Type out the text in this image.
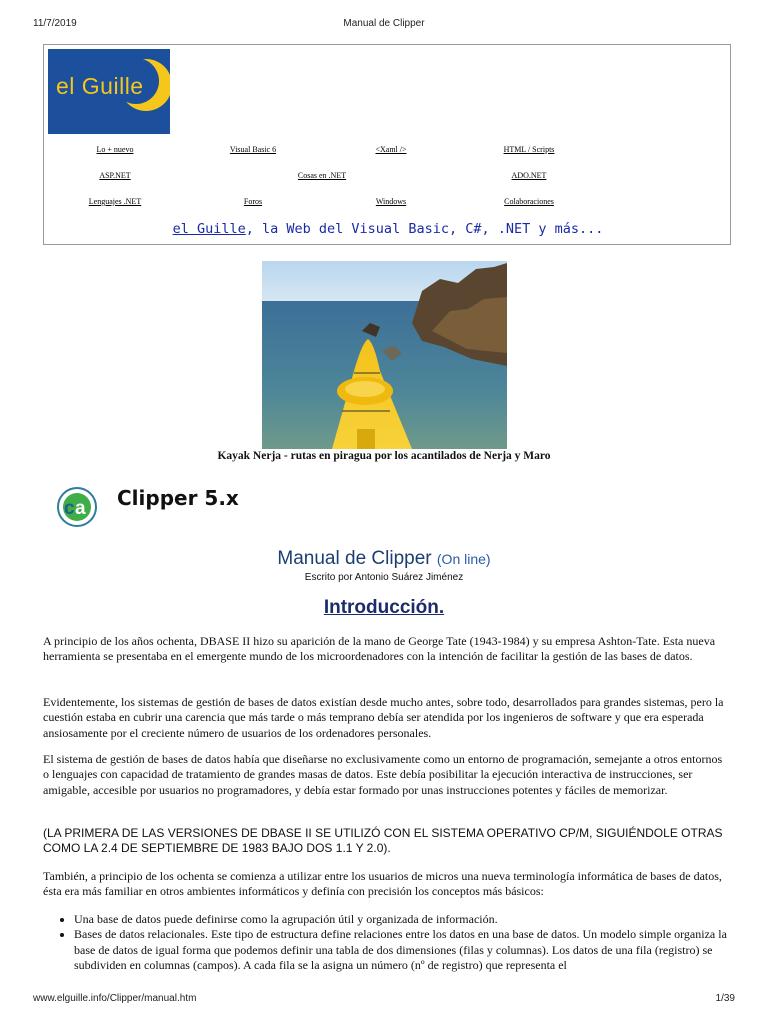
11/7/2019	Manual de Clipper
el Guille
Lo + nuevo	Visual Basic 6	<Xaml />	HTML / Scripts
ASP.NET	Cosas en .NET	ADO.NET
Lenguajes .NET	Foros	Windows	Colaboraciones
el Guille, la Web del Visual Basic, C#, .NET y más...
Kayak Nerja - rutas en piragua por los acantilados de Nerja y Maro
c a Clipper 5.x
Manual de Clipper (On line)
Escrito por Antonio Suárez Jiménez
Introducción.

A principio de los años ochenta, DBASE II hizo su aparición de la mano de George Tate (1943-1984) y su empresa Ashton-Tate. Esta nueva herramienta se presentaba en el emergente mundo de los microordenadores con la intención de facilitar la gestión de las bases de datos.

Evidentemente, los sistemas de gestión de bases de datos existían desde mucho antes, sobre todo, desarrollados para grandes sistemas, pero la cuestión estaba en cubrir una carencia que más tarde o más temprano debía ser atendida por los ingenieros de software y que era esperada ansiosamente por el creciente número de usuarios de los ordenadores personales.

El sistema de gestión de bases de datos había que diseñarse no exclusivamente como un entorno de programación, semejante a otros entornos o lenguajes con capacidad de tratamiento de grandes masas de datos. Este debía posibilitar la ejecución interactiva de instrucciones, ser amigable, accesible por usuarios no programadores, y debía estar formado por unas instrucciones potentes y fáciles de memorizar.

(LA PRIMERA DE LAS VERSIONES DE DBASE II SE UTILIZÓ CON EL SISTEMA OPERATIVO CP/M, SIGUIÉNDOLE OTRAS COMO LA 2.4 DE SEPTIEMBRE DE 1983 BAJO DOS 1.1 Y 2.0).

También, a principio de los ochenta se comienza a utilizar entre los usuarios de micros una nueva terminología informática de bases de datos, ésta era más familiar en otros ambientes informáticos y definía con precisión los conceptos más básicos:

• Una base de datos puede definirse como la agrupación útil y organizada de información.
• Bases de datos relacionales. Este tipo de estructura define relaciones entre los datos en una base de datos. Un modelo simple organiza la base de datos de igual forma que podemos definir una tabla de dos dimensiones (filas y columnas). Los datos de una fila (registro) se subdividen en columnas (campos). A cada fila se la asigna un número (nº de registro) que representa el
www.elguille.info/Clipper/manual.htm	1/39
